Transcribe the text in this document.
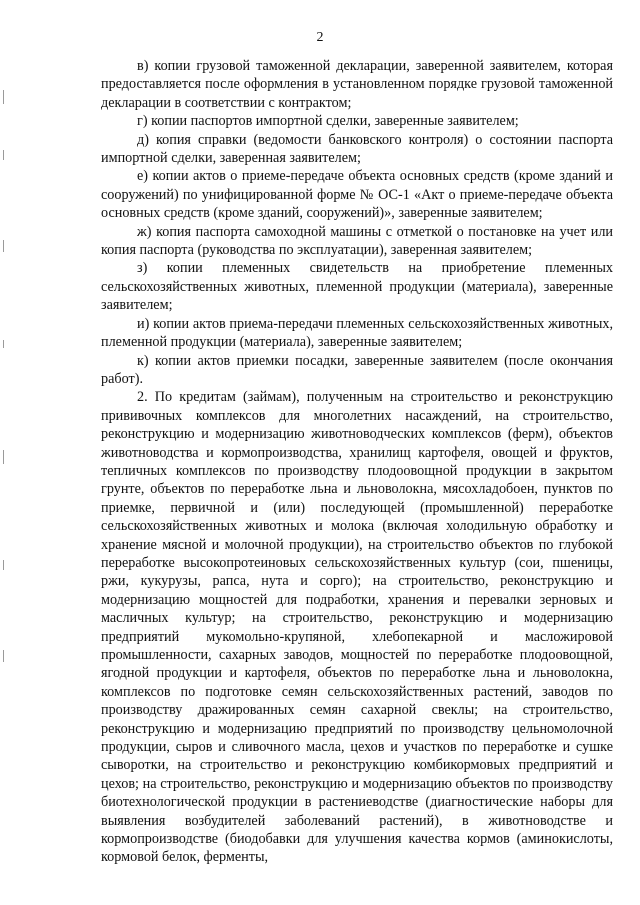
2

в) копии грузовой таможенной декларации, заверенной заявителем, которая предоставляется после оформления в установленном порядке грузовой таможенной декларации в соответствии с контрактом;

г) копии паспортов импортной сделки, заверенные заявителем;

д) копия справки (ведомости банковского контроля) о состоянии паспорта импортной сделки, заверенная заявителем;

е) копии актов о приеме-передаче объекта основных средств (кроме зданий и сооружений) по унифицированной форме № ОС-1 «Акт о приеме-передаче объекта основных средств (кроме зданий, сооружений)», заверенные заявителем;

ж) копия паспорта самоходной машины с отметкой о постановке на учет или копия паспорта (руководства по эксплуатации), заверенная заявителем;

з) копии племенных свидетельств на приобретение племенных сельскохозяйственных животных, племенной продукции (материала), заверенные заявителем;

и) копии актов приема-передачи племенных сельскохозяйственных животных, племенной продукции (материала), заверенные заявителем;

к) копии актов приемки посадки, заверенные заявителем (после окончания работ).

2. По кредитам (займам), полученным на строительство и реконструкцию прививочных комплексов для многолетних насаждений, на строительство, реконструкцию и модернизацию животноводческих комплексов (ферм), объектов животноводства и кормопроизводства, хранилищ картофеля, овощей и фруктов, тепличных комплексов по производству плодоовощной продукции в закрытом грунте, объектов по переработке льна и льноволокна, мясохладобоен, пунктов по приемке, первичной и (или) последующей (промышленной) переработке сельскохозяйственных животных и молока (включая холодильную обработку и хранение мясной и молочной продукции), на строительство объектов по глубокой переработке высокопротеиновых сельскохозяйственных культур (сои, пшеницы, ржи, кукурузы, рапса, нута и сорго); на строительство, реконструкцию и модернизацию мощностей для подработки, хранения и перевалки зерновых и масличных культур; на строительство, реконструкцию и модернизацию предприятий мукомольно-крупяной, хлебопекарной и масложировой промышленности, сахарных заводов, мощностей по переработке плодоовощной, ягодной продукции и картофеля, объектов по переработке льна и льноволокна, комплексов по подготовке семян сельскохозяйственных растений, заводов по производству дражированных семян сахарной свеклы; на строительство, реконструкцию и модернизацию предприятий по производству цельномолочной продукции, сыров и сливочного масла, цехов и участков по переработке и сушке сыворотки, на строительство и реконструкцию комбикормовых предприятий и цехов; на строительство, реконструкцию и модернизацию объектов по производству биотехнологической продукции в растениеводстве (диагностические наборы для выявления возбудителей заболеваний растений), в животноводстве и кормопроизводстве (биодобавки для улучшения качества кормов (аминокислоты, кормовой белок, ферменты,
